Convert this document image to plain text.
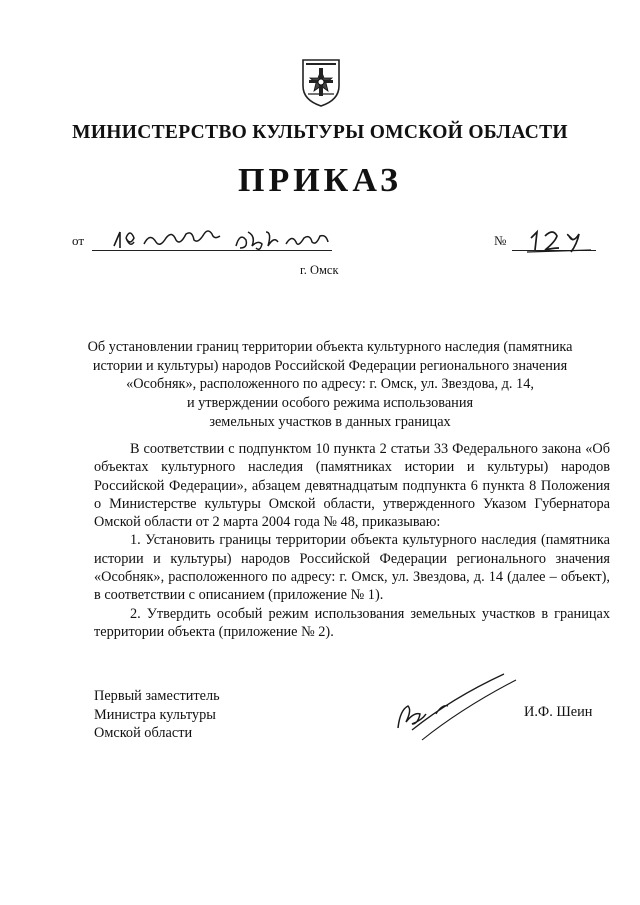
МИНИСТЕРСТВО КУЛЬТУРЫ ОМСКОЙ ОБЛАСТИ
ПРИКАЗ
от	№
г. Омск
Об установлении границ территории объекта культурного наследия (памятника
истории и культуры) народов Российской Федерации регионального значения
«Особняк», расположенного по адресу: г. Омск, ул. Звездова, д. 14,
и утверждении особого режима использования
земельных участков в данных границах

В соответствии с подпунктом 10 пункта 2 статьи 33 Федерального закона «Об объектах культурного наследия (памятниках истории и культуры) народов Российской Федерации», абзацем девятнадцатым подпункта 6 пункта 8 Положения о Министерстве культуры Омской области, утвержденного Указом Губернатора Омской области от 2 марта 2004 года № 48, приказываю:

1. Установить границы территории объекта культурного наследия (памятника истории и культуры) народов Российской Федерации регионального значения «Особняк», расположенного по адресу: г. Омск, ул. Звездова, д. 14 (далее – объект), в соответствии с описанием (приложение № 1).

2. Утвердить особый режим использования земельных участков в границах территории объекта (приложение № 2).

Первый заместитель
Министра культуры
Омской области
И.Ф. Шеин
